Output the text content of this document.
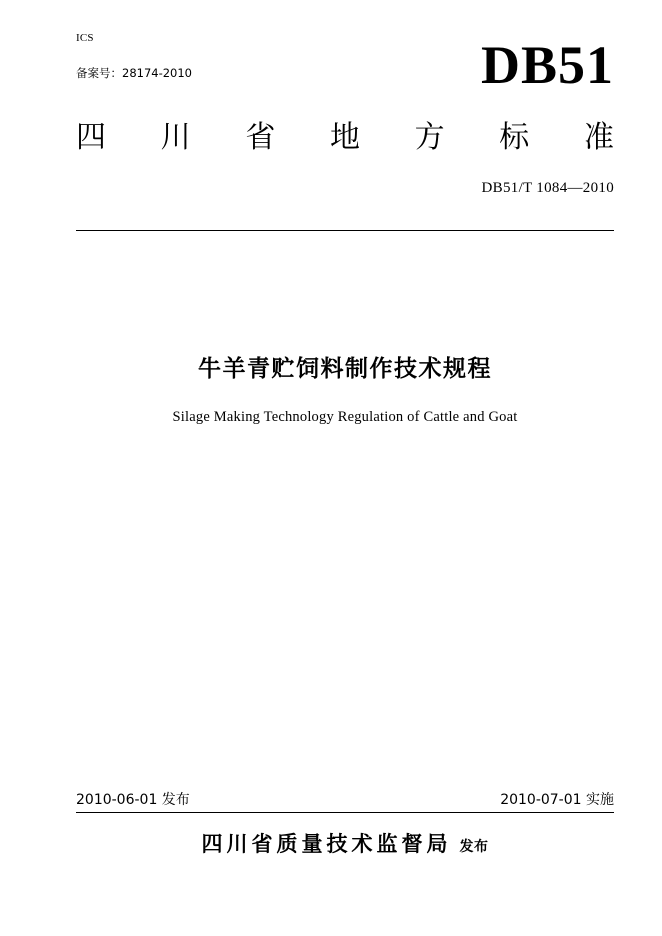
ICS
备案号：28174-2010	DB51
四 川 省 地 方 标 准
DB51/T 1084—2010
牛羊青贮饲料制作技术规程
Silage Making Technology Regulation of Cattle and Goat
2010-06-01 发布	2010-07-01 实施
四川省质量技术监督局 发布
